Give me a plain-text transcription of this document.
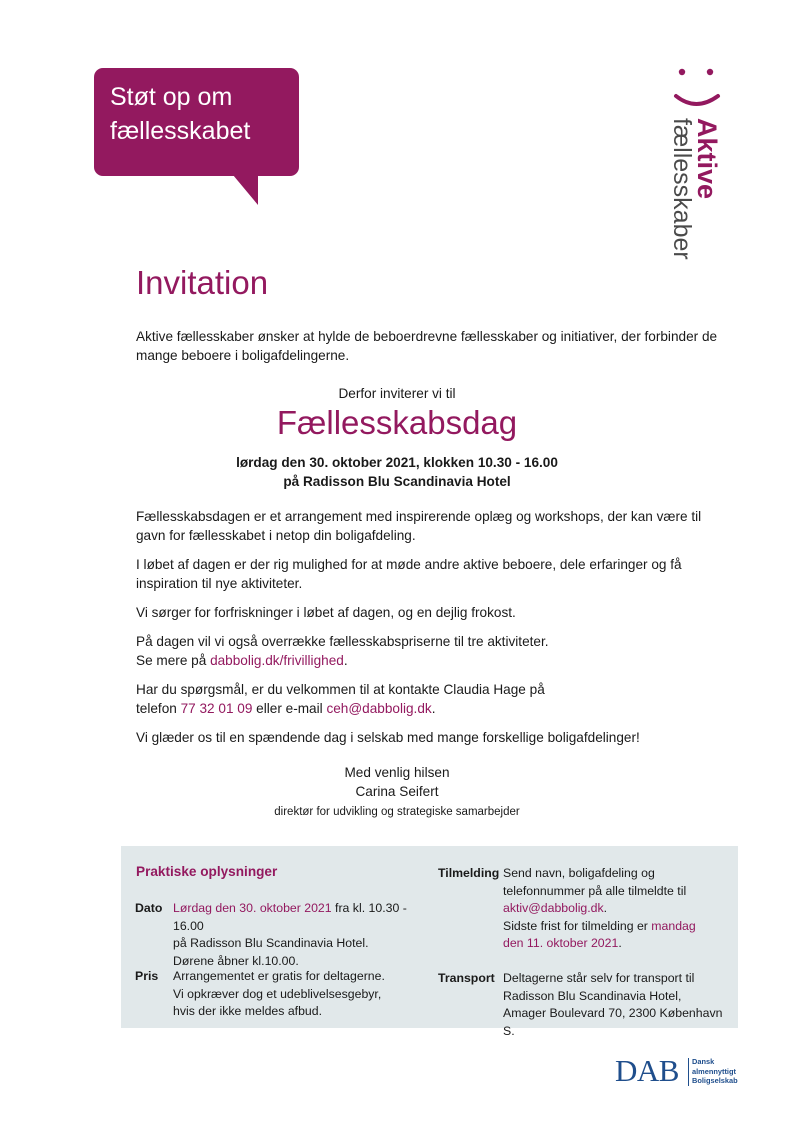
Støt op om
fællesskabet	Aktive
fællesskaber
Invitation
Aktive fællesskaber ønsker at hylde de beboerdrevne fællesskaber og initiativer, der forbinder de mange beboere i boligafdelingerne.
Derfor inviterer vi til
Fællesskabsdag
lørdag den 30. oktober 2021, klokken 10.30 - 16.00
på Radisson Blu Scandinavia Hotel

Fællesskabsdagen er et arrangement med inspirerende oplæg og workshops, der kan være til gavn for fællesskabet i netop din boligafdeling.

I løbet af dagen er der rig mulighed for at møde andre aktive beboere, dele erfaringer og få inspiration til nye aktiviteter.

Vi sørger for forfriskninger i løbet af dagen, og en dejlig frokost.

På dagen vil vi også overrække fællesskabspriserne til tre aktiviteter.
Se mere på dabbolig.dk/frivillighed.

Har du spørgsmål, er du velkommen til at kontakte Claudia Hage på
telefon 77 32 01 09 eller e-mail ceh@dabbolig.dk.

Vi glæder os til en spændende dag i selskab med mange forskellige boligafdelinger!

Med venlig hilsen
Carina Seifert
direktør for udvikling og strategiske samarbejder
Praktiske oplysninger
Dato Lørdag den 30. oktober 2021 fra kl. 10.30 - 16.00
på Radisson Blu Scandinavia Hotel.
Dørene åbner kl.10.00.
Pris Arrangementet er gratis for deltagerne.
Vi opkræver dog et udeblivelsesgebyr,
hvis der ikke meldes afbud.
Tilmelding Send navn, boligafdeling og
telefonnummer på alle tilmeldte til
aktiv@dabbolig.dk.
Sidste frist for tilmelding er mandag
den 11. oktober 2021.
Transport Deltagerne står selv for transport til
Radisson Blu Scandinavia Hotel,
Amager Boulevard 70, 2300 København S.
DAB Dansk
almennyttigt
Boligselskab
